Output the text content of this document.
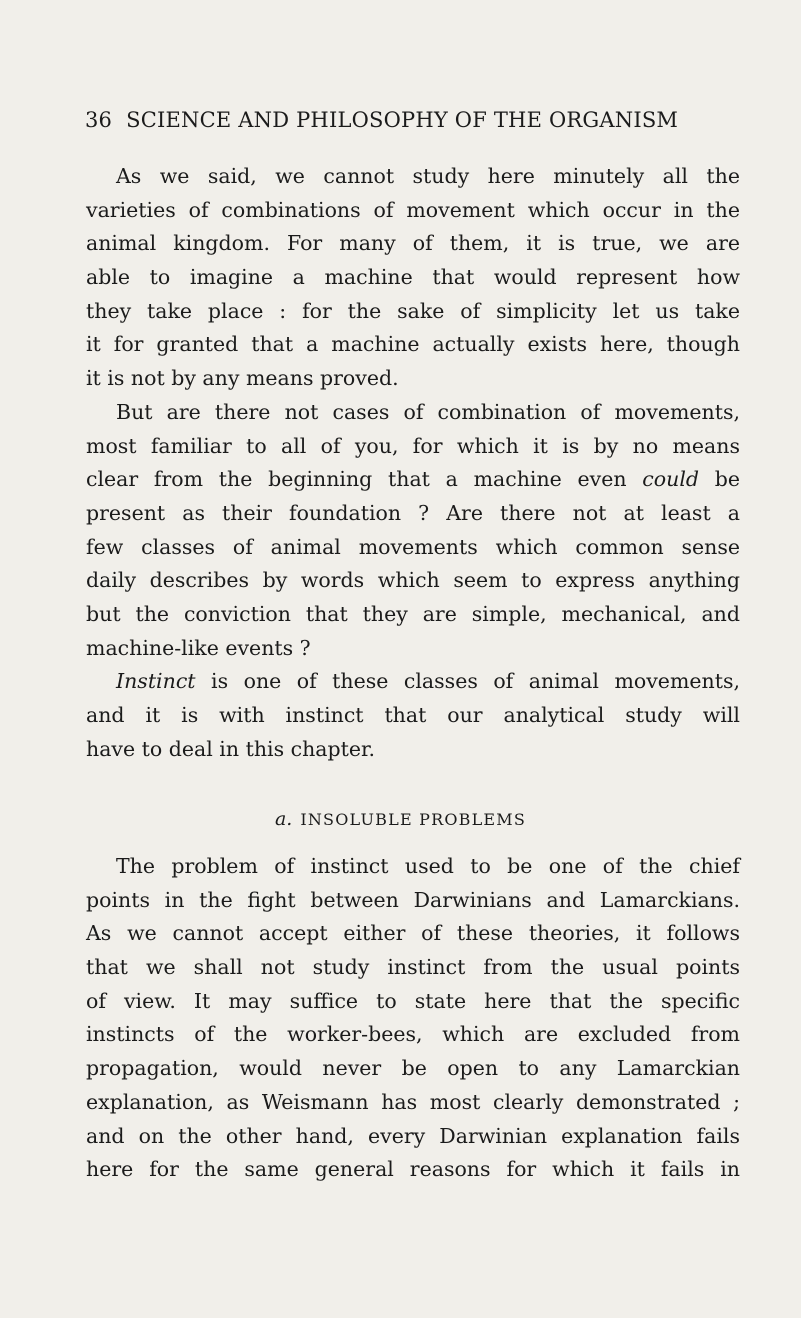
36 SCIENCE AND PHILOSOPHY OF THE ORGANISM
As we said, we cannot study here minutely all the
varieties of combinations of movement which occur in the
animal kingdom. For many of them, it is true, we are
able to imagine a machine that would represent how
they take place : for the sake of simplicity let us take
it for granted that a machine actually exists here, though
it is not by any means proved.
But are there not cases of combination of movements,
most familiar to all of you, for which it is by no means
clear from the beginning that a machine even could be
present as their foundation ? Are there not at least a
few classes of animal movements which common sense
daily describes by words which seem to express anything
but the conviction that they are simple, mechanical, and
machine-like events ?
Instinct is one of these classes of animal movements,
and it is with instinct that our analytical study will
have to deal in this chapter.
a. INSOLUBLE PROBLEMS
The problem of instinct used to be one of the chief
points in the fight between Darwinians and Lamarckians.
As we cannot accept either of these theories, it follows
that we shall not study instinct from the usual points
of view. It may suffice to state here that the specific
instincts of the worker-bees, which are excluded from
propagation, would never be open to any Lamarckian
explanation, as Weismann has most clearly demonstrated ;
and on the other hand, every Darwinian explanation fails
here for the same general reasons for which it fails in
